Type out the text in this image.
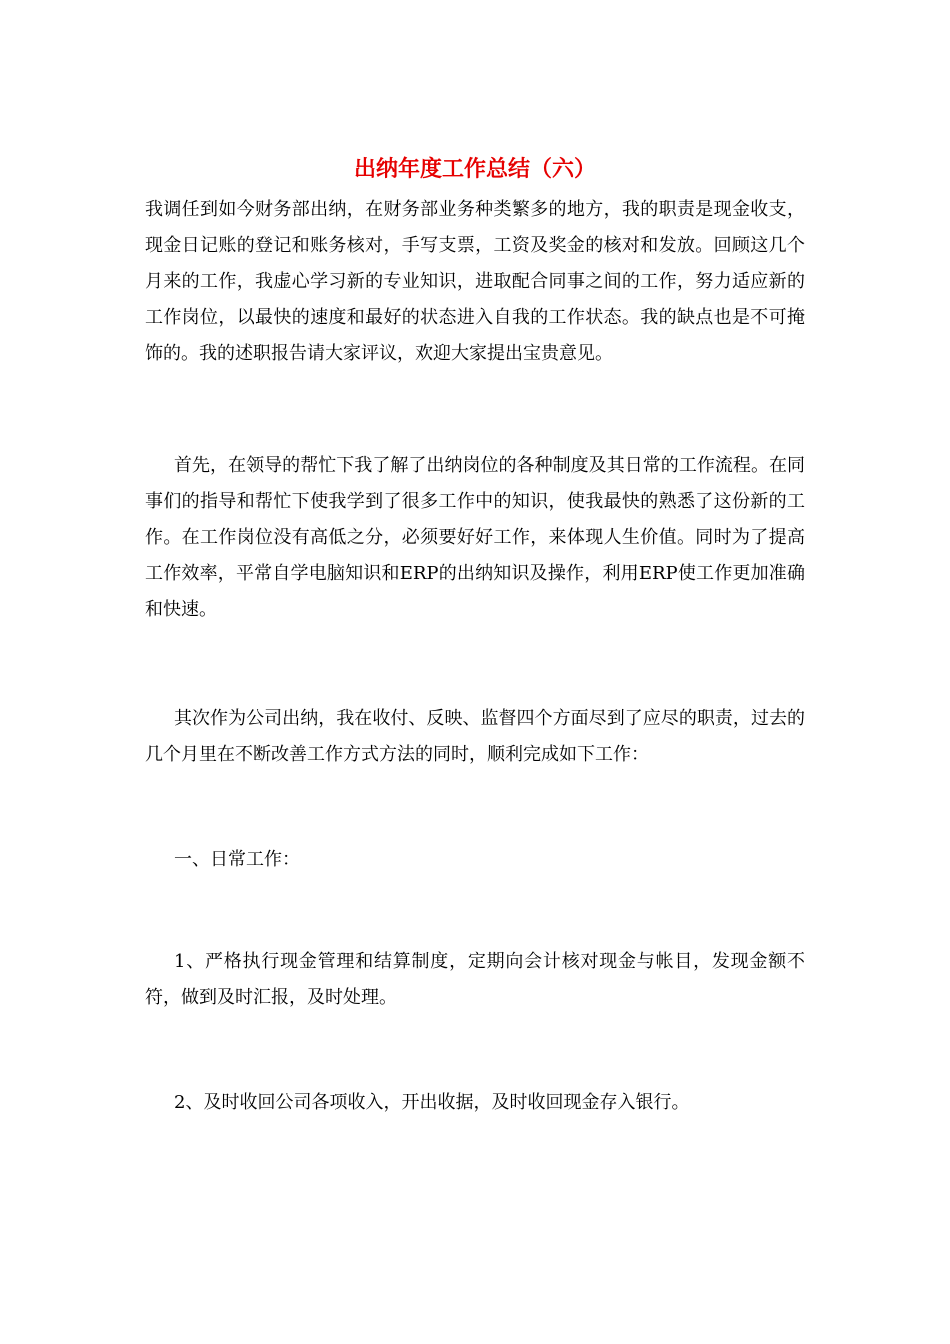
出纳年度工作总结（六）

我调任到如今财务部出纳，在财务部业务种类繁多的地方，我的职责是现金收支，现金日记账的登记和账务核对，手写支票，工资及奖金的核对和发放。回顾这几个月来的工作，我虚心学习新的专业知识，进取配合同事之间的工作，努力适应新的工作岗位，以最快的速度和最好的状态进入自我的工作状态。我的缺点也是不可掩饰的。我的述职报告请大家评议，欢迎大家提出宝贵意见。

首先，在领导的帮忙下我了解了出纳岗位的各种制度及其日常的工作流程。在同事们的指导和帮忙下使我学到了很多工作中的知识，使我最快的熟悉了这份新的工作。在工作岗位没有高低之分，必须要好好工作，来体现人生价值。同时为了提高工作效率，平常自学电脑知识和ERP的出纳知识及操作，利用ERP使工作更加准确和快速。

其次作为公司出纳，我在收付、反映、监督四个方面尽到了应尽的职责，过去的几个月里在不断改善工作方式方法的同时，顺利完成如下工作：

一、日常工作：

1、严格执行现金管理和结算制度，定期向会计核对现金与帐目，发现金额不符，做到及时汇报，及时处理。

2、及时收回公司各项收入，开出收据，及时收回现金存入银行。
